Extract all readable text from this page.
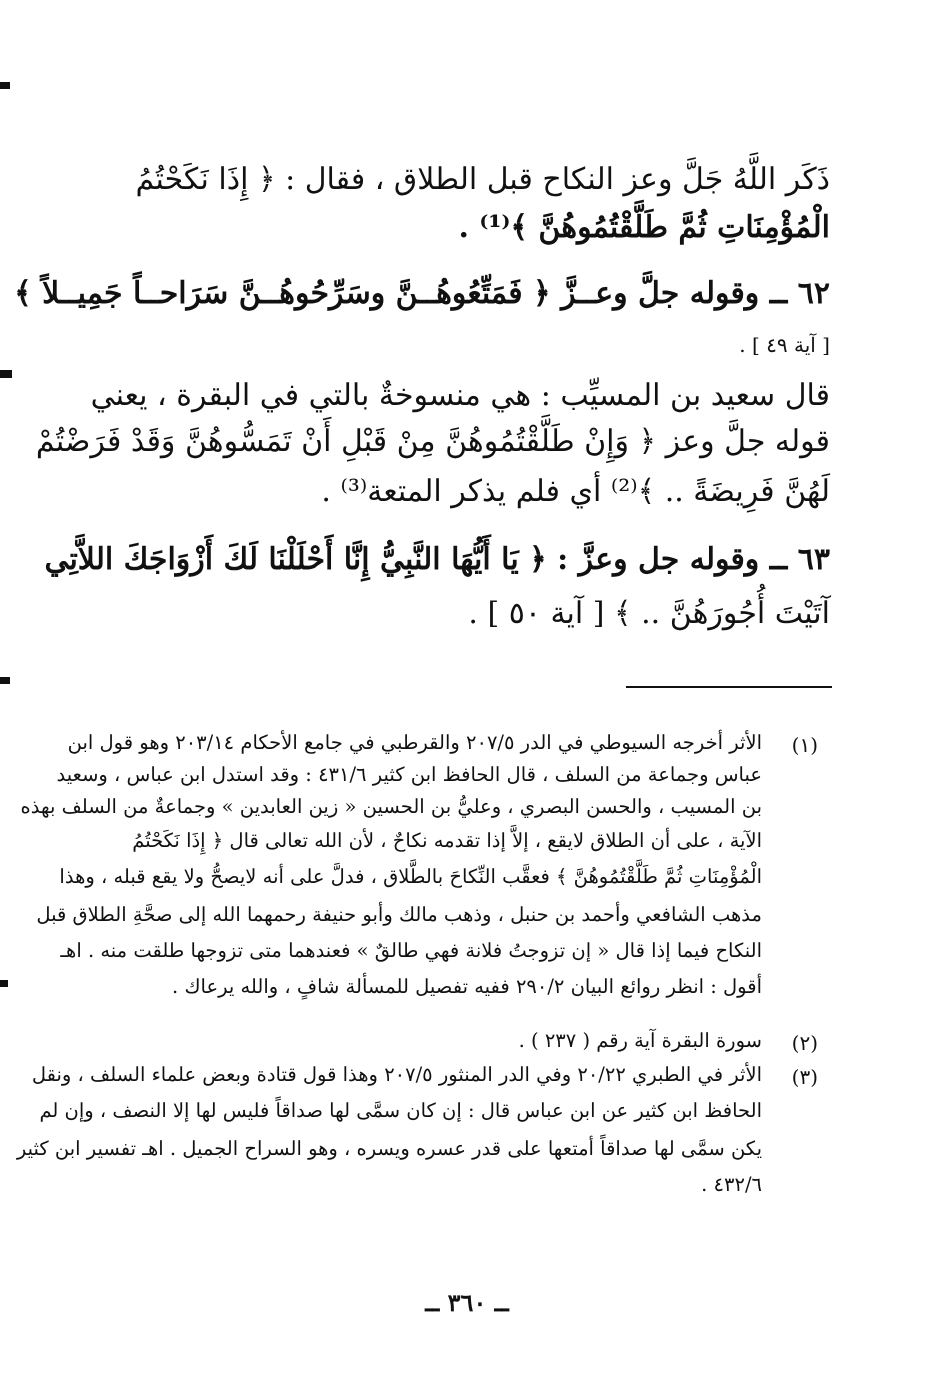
ذَكَر اللَّهُ جَلَّ وعز النكاح قبل الطلاق ، فقال : ﴿ إِذَا نَكَحْتُمُ
الْمُؤْمِنَاتِ ثُمَّ طَلَّقْتُمُوهُنَّ ﴾⁽¹⁾ .
٦٢ ــ وقوله جلَّ وعــزَّ ﴿ فَمَتِّعُوهُــنَّ وسَرِّحُوهُــنَّ سَرَاحــاً جَمِيــلاً ﴾
[ آية ٤٩ ] .
قال سعيد بن المسيِّب : هي منسوخةٌ بالتي في البقرة ، يعني
قوله جلَّ وعز ﴿ وَإِنْ طَلَّقْتُمُوهُنَّ مِنْ قَبْلِ أَنْ تَمَسُّوهُنَّ وَقَدْ فَرَضْتُمْ
لَهُنَّ فَرِيضَةً .. ﴾⁽²⁾ أي فلم يذكر المتعة⁽³⁾ .
٦٣ ــ وقوله جل وعزَّ : ﴿ يَا أَيُّهَا النَّبِيُّ إِنَّا أَحْلَلْنَا لَكَ أَزْوَاجَكَ اللاَّتِي
آتَيْتَ أُجُورَهُنَّ .. ﴾ [ آية ٥٠ ] .
(١)
(٢)
(٣)
الأثر أخرجه السيوطي في الدر ٢٠٧/٥ والقرطبي في جامع الأحكام ٢٠٣/١٤ وهو قول ابن
عباس وجماعة من السلف ، قال الحافظ ابن كثير ٤٣١/٦ : وقد استدل ابن عباس ، وسعيد
بن المسيب ، والحسن البصري ، وعليُّ بن الحسين « زين العابدين » وجماعةٌ من السلف بهذه
الآية ، على أن الطلاق لايقع ، إلاَّ إذا تقدمه نكاحٌ ، لأن الله تعالى قال ﴿ إِذَا نَكَحْتُمُ
الْمُؤْمِنَاتِ ثُمَّ طَلَّقْتُمُوهُنَّ ﴾ فعقَّب النِّكاحَ بالطَّلاق ، فدلَّ على أنه لايصحُّ ولا يقع قبله ، وهذا
مذهب الشافعي وأحمد بن حنبل ، وذهب مالك وأبو حنيفة رحمهما الله إلى صحَّةِ الطلاق قبل
النكاح فيما إذا قال « إن تزوجتُ فلانة فهي طالقٌ » فعندهما متى تزوجها طلقت منه . اهـ
أقول : انظر روائع البيان ٢٩٠/٢ ففيه تفصيل للمسألة شافٍ ، والله يرعاك .
سورة البقرة آية رقم ( ٢٣٧ ) .
الأثر في الطبري ٢٠/٢٢ وفي الدر المنثور ٢٠٧/٥ وهذا قول قتادة وبعض علماء السلف ، ونقل
الحافظ ابن كثير عن ابن عباس قال : إن كان سمَّى لها صداقاً فليس لها إلا النصف ، وإن لم
يكن سمَّى لها صداقاً أمتعها على قدر عسره ويسره ، وهو السراح الجميل . اهـ تفسير ابن كثير
٤٣٢/٦ .
ــ ٣٦٠ ــ
